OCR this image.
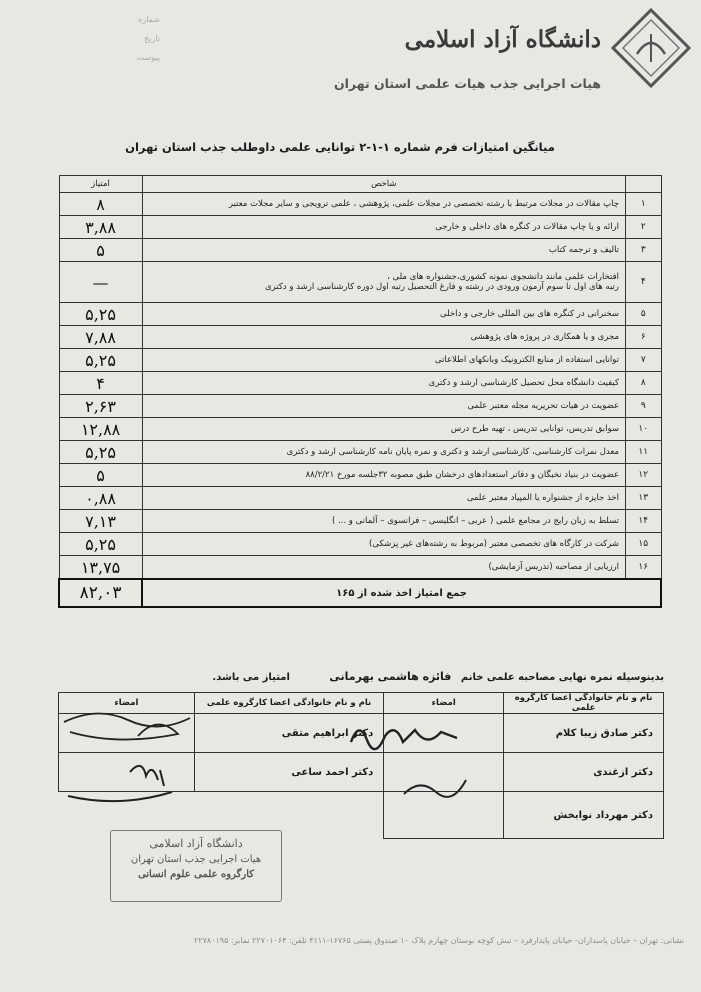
دانشگاه آزاد اسلامی
هیات اجرایی جذب هیات علمی استان تهران
شماره
تاریخ
پیوست
میانگین امتیازات فرم شماره ۱-۱-۲ توانایی علمی داوطلب جذب استان تهران
	شاخص	امتیاز
۱	چاپ مقالات در مجلات مرتبط با رشته تخصصی در مجلات علمی، پژوهشی ، علمی ترویجی و سایر مجلات معتبر	۸
۲	ارائه و یا چاپ مقالات در کنگره های داخلی و خارجی	۳,۸۸
۳	تالیف و ترجمه کتاب	۵
۴	افتخارات علمی مانند دانشجوی نمونه کشوری،جشنواره های ملی ،
رتبه های اول تا سوم آزمون ورودی در رشته و فارغ التحصیل رتبه اول دوره کارشناسی ارشد و دکتری	—
۵	سخنرانی در کنگره های بین المللی خارجی و داخلی	۵,۲۵
۶	مجری و یا همکاری در پروژه های پژوهشی	۷,۸۸
۷	توانایی استفاده از منابع الکترونیک وبانکهای اطلاعاتی	۵,۲۵
۸	کیفیت دانشگاه محل تحصیل کارشناسی ارشد و دکتری	۴
۹	عضویت در هیات تحریریه مجله معتبر علمی	۲,۶۳
۱۰	سوابق تدریس، توانایی تدریس ، تهیه طرح درس	۱۲,۸۸
۱۱	معدل نمرات کارشناسی، کارشناسی ارشد و دکتری و نمره پایان نامه کارشناسی ارشد و دکتری	۵,۲۵
۱۲	عضویت در بنیاد نخبگان و دفاتر استعدادهای درخشان طبق مصوبه ۳۲جلسه مورخ ۸۸/۲/۲۱	۵
۱۳	اخذ جایزه از جشنواره یا المپیاد معتبر علمی	۰,۸۸
۱۴	تسلط به زبان رایج در مجامع علمی ( عربی – انگلیسی – فرانسوی – آلمانی و ... )	۷,۱۳
۱۵	شرکت در کارگاه های تخصصی معتبر (مربوط به رشته‌های غیر پزشکی)	۵,۲۵
۱۶	ارزیابی از مصاحبه (تدریس آزمایشی)	۱۳,۷۵
جمع امتیاز اخذ شده از ۱۶۵		۸۲,۰۳
بدینوسیله نمره نهایی مصاحبه علمی خانم فائزه هاشمی بهرمانی امتیاز می باشد.
نام و نام خانوادگی اعضا کارگروه علمی	امضاء	نام و نام خانوادگی اعضا کارگروه علمی	امضاء
دکتر صادق زیبا کلام		دکتر ابراهیم متقی	
دکتر ازغندی		دکتر احمد ساعی	
دکتر مهرداد نوابخش			
دانشگاه آزاد اسلامی
هیات اجرایی جذب استان تهران
کارگروه علمی علوم انسانی
نشانی: تهران – خیابان پاسداران- خیابان پایدارفرد – نبش کوچه بوستان چهارم پلاک ۱۰ صندوق پستی ۱۶۷۶۵-۴۱۱۱ تلفن: ۲۲۷۰۱۰۶۴ نمابر: ۲۲۷۸۰۱۹۵
